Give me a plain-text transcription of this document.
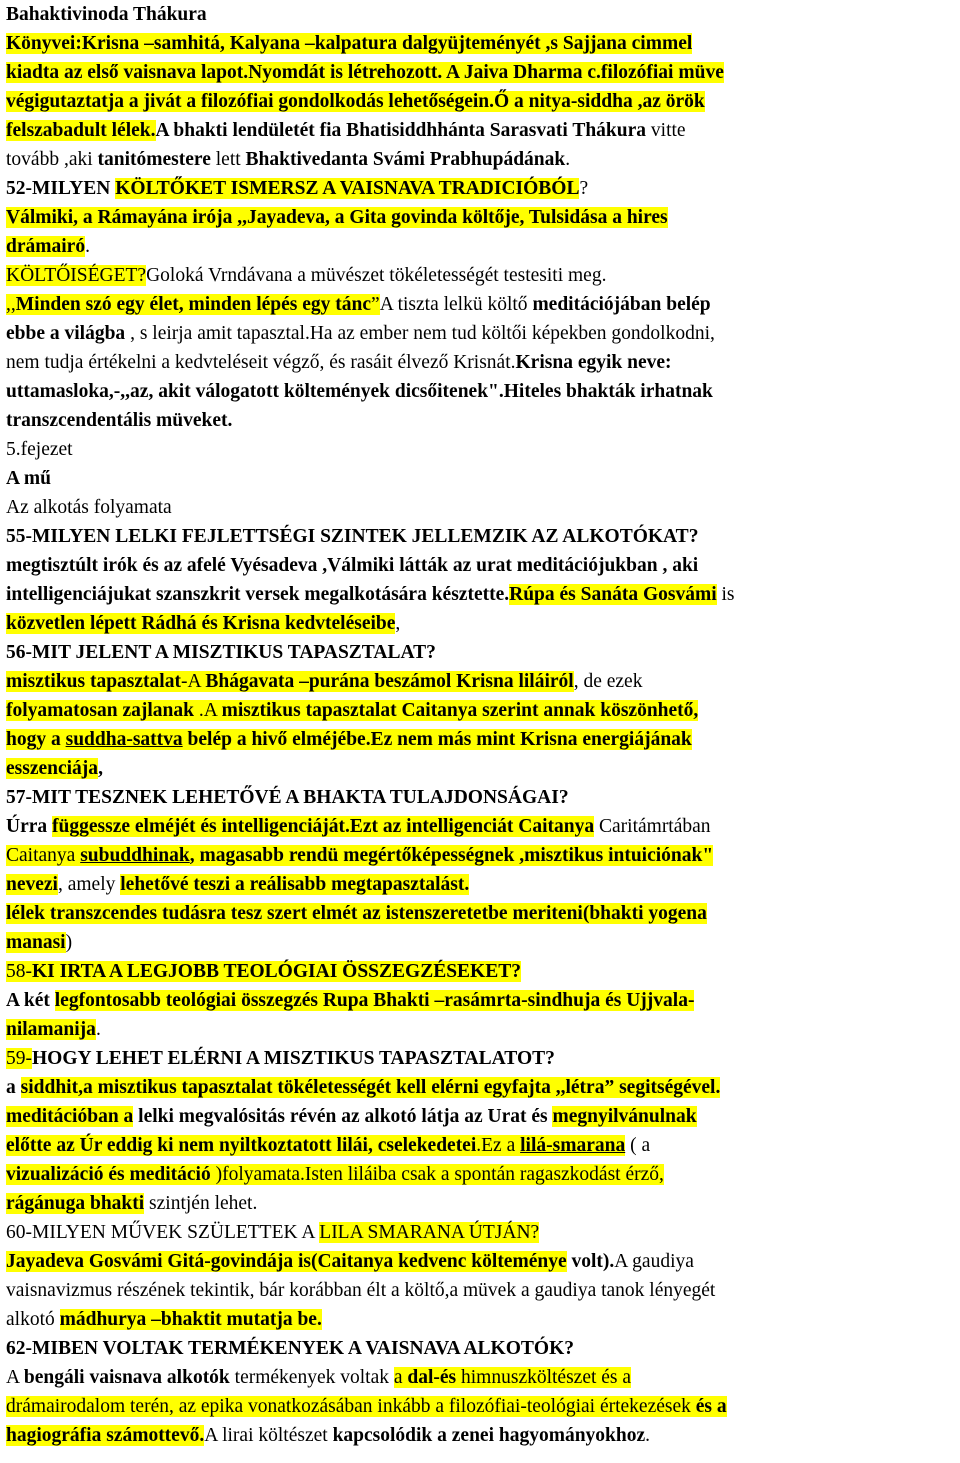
Bahaktivinoda Thákura
Könyvei:Krisna –samhitá, Kalyana –kalpatura dalgyüjteményét ,s Sajjana cimmel
kiadta az első vaisnava lapot.Nyomdát is létrehozott. A Jaiva Dharma c.filozófiai müve
végigutaztatja a jivát a filozófiai gondolkodás lehetőségein.Ő a nitya-siddha ,az örök
felszabadult lélek.A bhakti lendületét fia Bhatisiddhhánta Sarasvati Thákura vitte
tovább ,aki tanitómestere lett Bhaktivedanta Svámi Prabhupádának.
52-MILYEN KÖLTŐKET ISMERSZ A VAISNAVA TRADICIÓBÓL?
Válmiki, a Rámayána irója ,,Jayadeva, a Gita govinda költője, Tulsidása a hires
drámairó.
KÖLTŐISÉGET?Goloká Vrndávana a müvészet tökéletességét testesiti meg.
,,Minden szó egy élet, minden lépés egy tánc”A tiszta lelkü költő meditációjában belép
ebbe a világba , s leirja amit tapasztal.Ha az ember nem tud költői képekben gondolkodni,
nem tudja értékelni a kedvteléseit végző, és rasáit élvező Krisnát.Krisna egyik neve:
uttamasloka,-,,az, akit válogatott költemények dicsőitenek".Hiteles bhakták irhatnak
transzcendentális müveket.
5.fejezet
A mű
Az alkotás folyamata
55-MILYEN LELKI FEJLETTSÉGI SZINTEK JELLEMZIK AZ ALKOTÓKAT?
megtisztúlt irók és az afelé Vyésadeva ,Válmiki látták az urat meditációjukban , aki
intelligenciájukat szanszkrit versek megalkotására késztette.Rúpa és Sanáta Gosvámi is
közvetlen lépett Rádhá és Krisna kedvteléseibe,
56-MIT JELENT A MISZTIKUS TAPASZTALAT?
misztikus tapasztalat-A Bhágavata –purána beszámol Krisna liláiról, de ezek
folyamatosan zajlanak .A misztikus tapasztalat Caitanya szerint annak köszönhető,
hogy a suddha-sattva belép a hivő elméjébe.Ez nem más mint Krisna energiájának
esszenciája,
57-MIT TESZNEK LEHETŐVÉ A BHAKTA TULAJDONSÁGAI?
Úrra függesszе elméjét és intelligenciáját.Ezt az intelligenciát Caitanya Caritámrtában
Caitanya subuddhinak, magasabb rendü megértőképességnek ,misztikus intuiciónak"
nevezi, amely lehetővé teszi a reálisabb megtapasztalást.
lélek transzcendes tudásra tesz szert elmét az istenszeretetbe meriteni(bhakti yogena
manasi)
58-KI IRTA A LEGJOBB TEOLÓGIAI ÖSSZEGZÉSEKET?
A két legfontosabb teológiai összegzés Rupa Bhakti –rasámrta-sindhuja és Ujjvala-
nilamanija.
59-HOGY LEHET ELÉRNI A MISZTIKUS TAPASZTALATOT?
a siddhit,a misztikus tapasztalat tökéletességét kell elérni egyfajta ,,létra” segitségével.
meditációban a lelki megvalósitás révén az alkotó látja az Urat és megnyilvánulnak
előtte az Úr eddig ki nem nyiltkoztatott lilái, cselekedetei.Ez a lilá-smarana ( a
vizualizáció és meditáció )folyamata.Isten liláiba csak a spontán ragaszkodást érző,
rágánuga bhakti szintjén lehet.
60-MILYEN MŰVEK SZÜLETTEK A LILA SMARANA ÚTJÁN?
Jayadeva Gosvámi Gitá-govindája is(Caitanya kedvenc költeménye volt).A gaudiya
vaisnavizmus részének tekintik, bár korábban élt a költő,a müvek a gaudiya tanok lényegét
alkotó mádhurya –bhaktit mutatja be.
62-MIBEN VOLTAK TERMÉKENYEK A VAISNAVA ALKOTÓK?
A bengáli vaisnava alkotók termékenyek voltak a dal-és himnuszköltészet és a
drámairodalom terén, az epika vonatkozásában inkább a filozófiai-teológiai értekezések és a
hagiográfia számottevő.A lirai költészet kapcsolódik a zenei hagyományokhoz.
